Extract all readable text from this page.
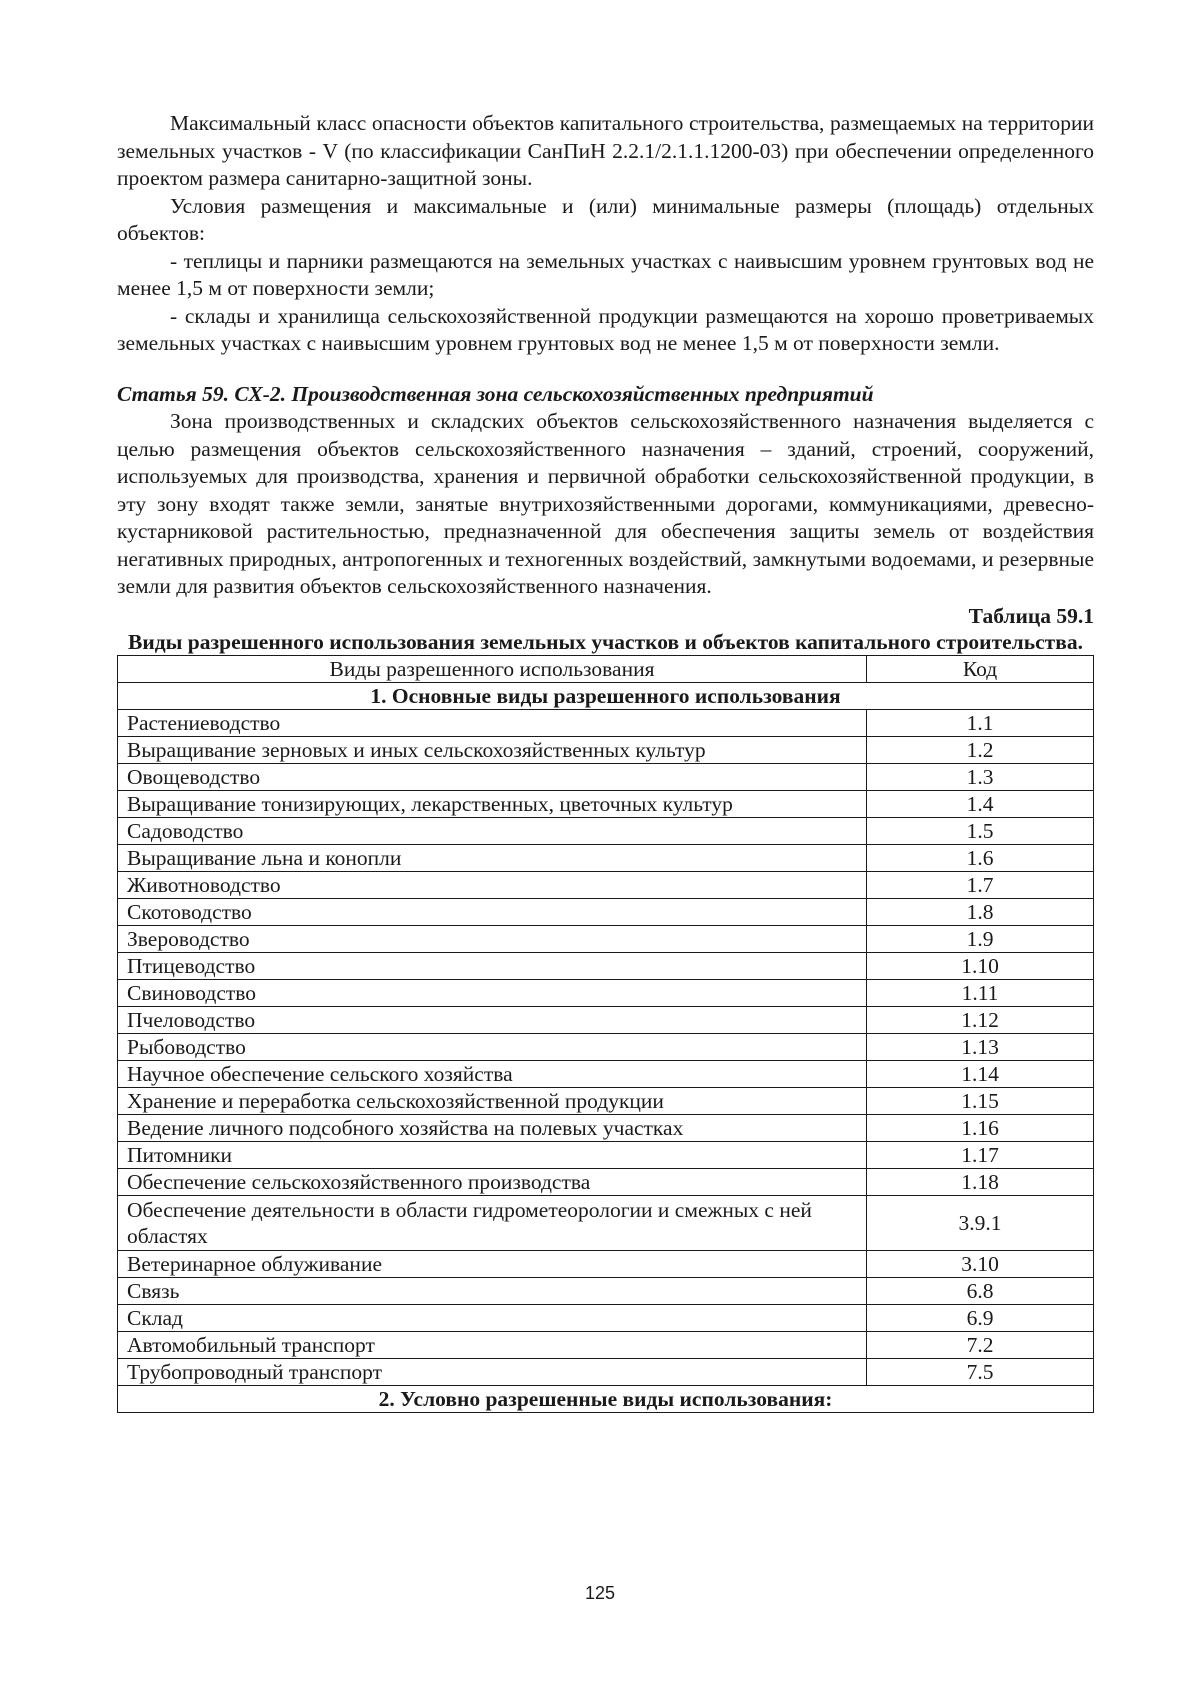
Максимальный класс опасности объектов капитального строительства, размещаемых на территории земельных участков - V (по классификации СанПиН 2.2.1/2.1.1.1200-03) при обеспечении определенного проектом размера санитарно-защитной зоны.

Условия размещения и максимальные и (или) минимальные размеры (площадь) отдельных объектов:

- теплицы и парники размещаются на земельных участках с наивысшим уровнем грунтовых вод не менее 1,5 м от поверхности земли;

- склады и хранилища сельскохозяйственной продукции размещаются на хорошо проветриваемых земельных участках с наивысшим уровнем грунтовых вод не менее 1,5 м от поверхности земли.

Статья 59. СХ-2. Производственная зона сельскохозяйственных предприятий

Зона производственных и складских объектов сельскохозяйственного назначения выделяется с целью размещения объектов сельскохозяйственного назначения – зданий, строений, сооружений, используемых для производства, хранения и первичной обработки сельскохозяйственной продукции, в эту зону входят также земли, занятые внутрихозяйственными дорогами, коммуникациями, древесно-кустарниковой растительностью, предназначенной для обеспечения защиты земель от воздействия негативных природных, антропогенных и техногенных воздействий, замкнутыми водоемами, и резервные земли для развития объектов сельскохозяйственного назначения.

Таблица 59.1
Виды разрешенного использования земельных участков и объектов капитального строительства.
Виды разрешенного использования	Код
1. Основные виды разрешенного использования	
Растениеводство	1.1
Выращивание зерновых и иных сельскохозяйственных культур	1.2
Овощеводство	1.3
Выращивание тонизирующих, лекарственных, цветочных культур	1.4
Садоводство	1.5
Выращивание льна и конопли	1.6
Животноводство	1.7
Скотоводство	1.8
Звероводство	1.9
Птицеводство	1.10
Свиноводство	1.11
Пчеловодство	1.12
Рыбоводство	1.13
Научное обеспечение сельского хозяйства	1.14
Хранение и переработка сельскохозяйственной продукции	1.15
Ведение личного подсобного хозяйства на полевых участках	1.16
Питомники	1.17
Обеспечение сельскохозяйственного производства	1.18
Обеспечение деятельности в области гидрометеорологии и смежных с ней областях	3.9.1
Ветеринарное облуживание	3.10
Связь	6.8
Склад	6.9
Автомобильный транспорт	7.2
Трубопроводный транспорт	7.5
2. Условно разрешенные виды использования:	
125
